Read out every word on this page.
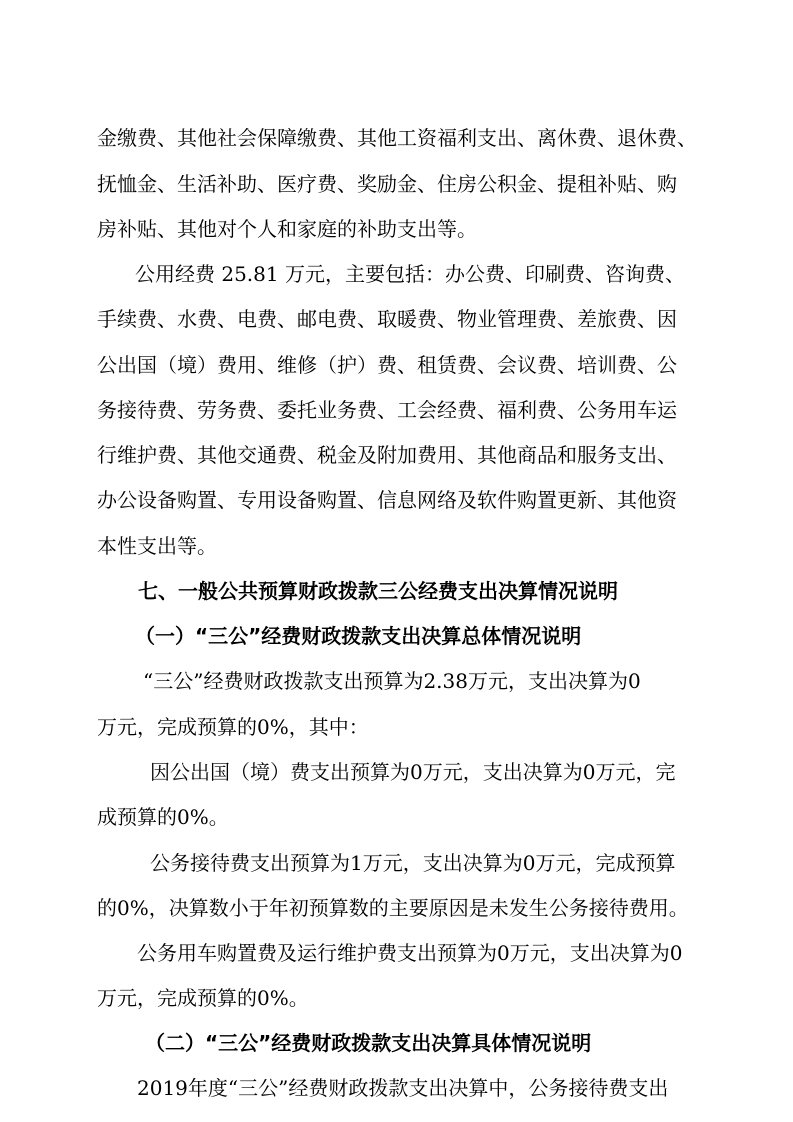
金缴费、其他社会保障缴费、其他工资福利支出、离休费、退休费、
抚恤金、生活补助、医疗费、奖励金、住房公积金、提租补贴、购
房补贴、其他对个人和家庭的补助支出等。
公用经费 25.81 万元，主要包括：办公费、印刷费、咨询费、
手续费、水费、电费、邮电费、取暖费、物业管理费、差旅费、因
公出国（境）费用、维修（护）费、租赁费、会议费、培训费、公
务接待费、劳务费、委托业务费、工会经费、福利费、公务用车运
行维护费、其他交通费、税金及附加费用、其他商品和服务支出、
办公设备购置、专用设备购置、信息网络及软件购置更新、其他资
本性支出等。
七、一般公共预算财政拨款三公经费支出决算情况说明
（一）“三公”经费财政拨款支出决算总体情况说明
“三公”经费财政拨款支出预算为2.38万元，支出决算为0
万元，完成预算的0%，其中：
因公出国（境）费支出预算为0万元，支出决算为0万元，完
成预算的0%。
公务接待费支出预算为1万元，支出决算为0万元，完成预算
的0%，决算数小于年初预算数的主要原因是未发生公务接待费用。
公务用车购置费及运行维护费支出预算为0万元，支出决算为0
万元，完成预算的0%。
（二）“三公”经费财政拨款支出决算具体情况说明
2019年度“三公”经费财政拨款支出决算中，公务接待费支出
